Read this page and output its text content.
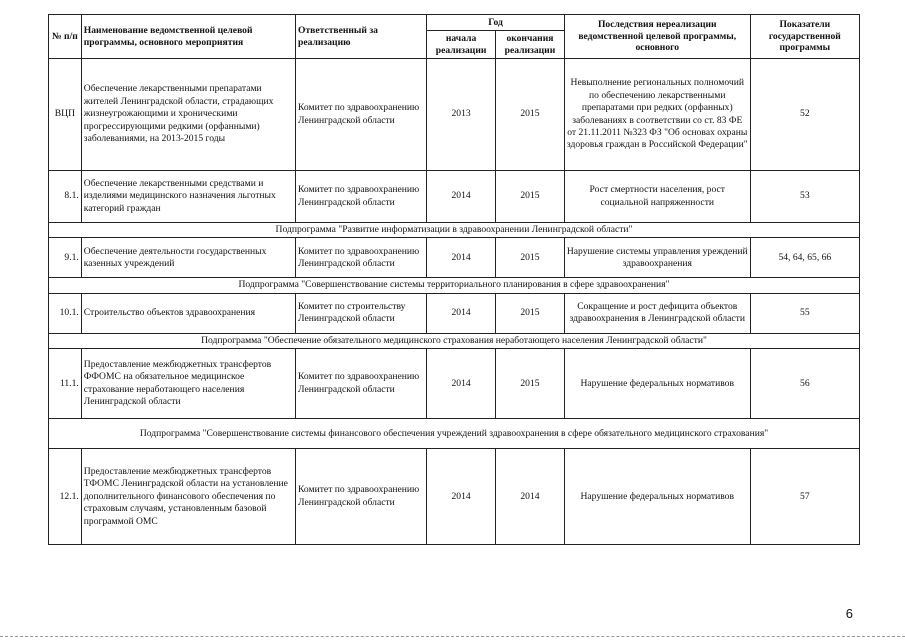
№ п/п	Наименование ведомственной целевой программы, основного мероприятия	Ответственный за реализацию	Год		Последствия нереализации ведомственной целевой программы, основного	Показатели государственной программы
			начала реализации	окончания реализации		
ВЦП	Обеспечение лекарственными препаратами жителей Ленинградской области, страдающих жизнеугрожающими и хроническими прогрессирующими редкими (орфанными) заболеваниями, на 2013-2015 годы	Комитет по здравоохранению Ленинградской области	2013	2015	Невыполнение региональных полномочий по обеспечению лекарственными препаратами при редких (орфанных) заболеваниях в соответствии со ст. 83 ФЕ от 21.11.2011 №323 ФЗ "Об основах охраны здоровья граждан в Российской Федерации"	52
8.1.	Обеспечение лекарственными средствами и изделиями медицинского назначения льготных категорий граждан	Комитет по здравоохранению Ленинградской области	2014	2015	Рост смертности населения, рост социальной напряженности	53
Подпрограмма "Развитие информатизации в здравоохранении Ленинградской области"						
9.1.	Обеспечение деятельности государственных казенных учреждений	Комитет по здравоохранению Ленинградской области	2014	2015	Нарушение системы управления уреждений здравоохранения	54, 64, 65, 66
Подпрограмма "Совершенствование системы территориального планирования в сфере здравоохранения"						
10.1.	Строительство объектов здравоохранения	Комитет по строительству Ленинградской области	2014	2015	Сокращение и рост дефицита объектов здравоохранения в Ленинградской области	55
Подпрограмма "Обеспечение обязательного медицинского страхования неработающего населения Ленинградской области"						
11.1.	Предоставление межбюджетных трансфертов ФФОМС на обязательное медицинское страхование неработающего населения Ленинградской области	Комитет по здравоохранению Ленинградской области	2014	2015	Нарушение федеральных нормативов	56
Подпрограмма "Совершенствование системы финансового обеспечения учреждений здравоохранения в сфере обязательного медицинского страхования"						
12.1.	Предоставление межбюджетных трансфертов ТФОМС Ленинградской области на установление дополнительного финансового обеспечения по страховым случаям, установленным базовой программой ОМС	Комитет по здравоохранению Ленинградской области	2014	2014	Нарушение федеральных нормативов	57
6
